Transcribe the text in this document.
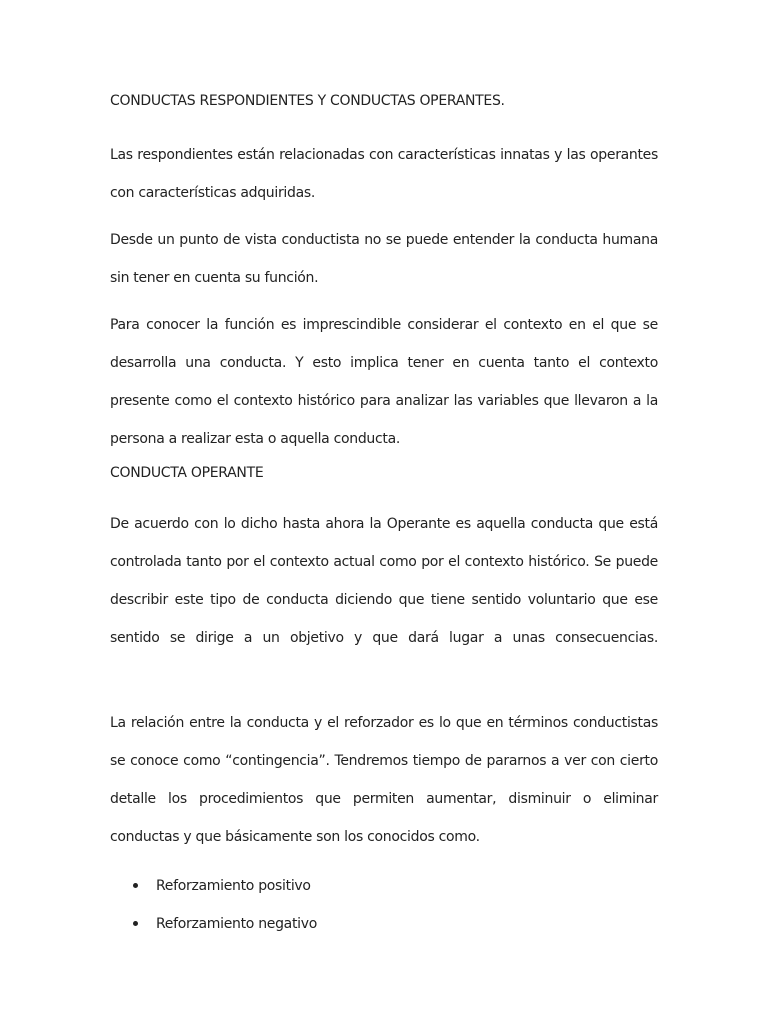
CONDUCTAS RESPONDIENTES Y CONDUCTAS OPERANTES.

Las respondientes están relacionadas con características innatas y las operantes con características adquiridas.

Desde un punto de vista conductista no se puede entender la conducta humana sin tener en cuenta su función.

Para conocer la función es imprescindible considerar el contexto en el que se desarrolla una conducta. Y esto implica tener en cuenta tanto el contexto presente como el contexto histórico para analizar las variables que llevaron a la persona a realizar esta o aquella conducta.

CONDUCTA OPERANTE

De acuerdo con lo dicho hasta ahora la Operante es aquella conducta que está controlada tanto por el contexto actual como por el contexto histórico. Se puede describir este tipo de conducta diciendo que tiene sentido voluntario que ese sentido se dirige a un objetivo y que dará lugar a unas consecuencias.

La relación entre la conducta y el reforzador es lo que en términos conductistas se conoce como “contingencia”. Tendremos tiempo de pararnos a ver con cierto detalle los procedimientos que permiten aumentar, disminuir o eliminar conductas y que básicamente son los conocidos como.

Reforzamiento positivo
Reforzamiento negativo
